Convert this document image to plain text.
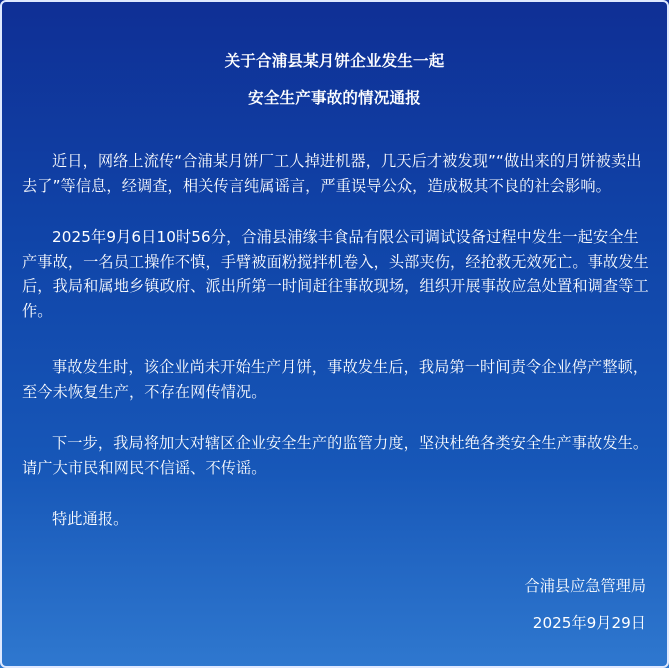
关于合浦县某月饼企业发生一起
安全生产事故的情况通报

近日，网络上流传“合浦某月饼厂工人掉进机器，几天后才被发现”“做出来的月饼被卖出去了”等信息，经调查，相关传言纯属谣言，严重误导公众，造成极其不良的社会影响。

2025年9月6日10时56分，合浦县浦缘丰食品有限公司调试设备过程中发生一起安全生产事故，一名员工操作不慎，手臂被面粉搅拌机卷入，头部夹伤，经抢救无效死亡。事故发生后，我局和属地乡镇政府、派出所第一时间赶往事故现场，组织开展事故应急处置和调查等工作。

事故发生时，该企业尚未开始生产月饼，事故发生后，我局第一时间责令企业停产整顿，至今未恢复生产，不存在网传情况。

下一步，我局将加大对辖区企业安全生产的监管力度，坚决杜绝各类安全生产事故发生。请广大市民和网民不信谣、不传谣。

特此通报。

合浦县应急管理局
2025年9月29日
